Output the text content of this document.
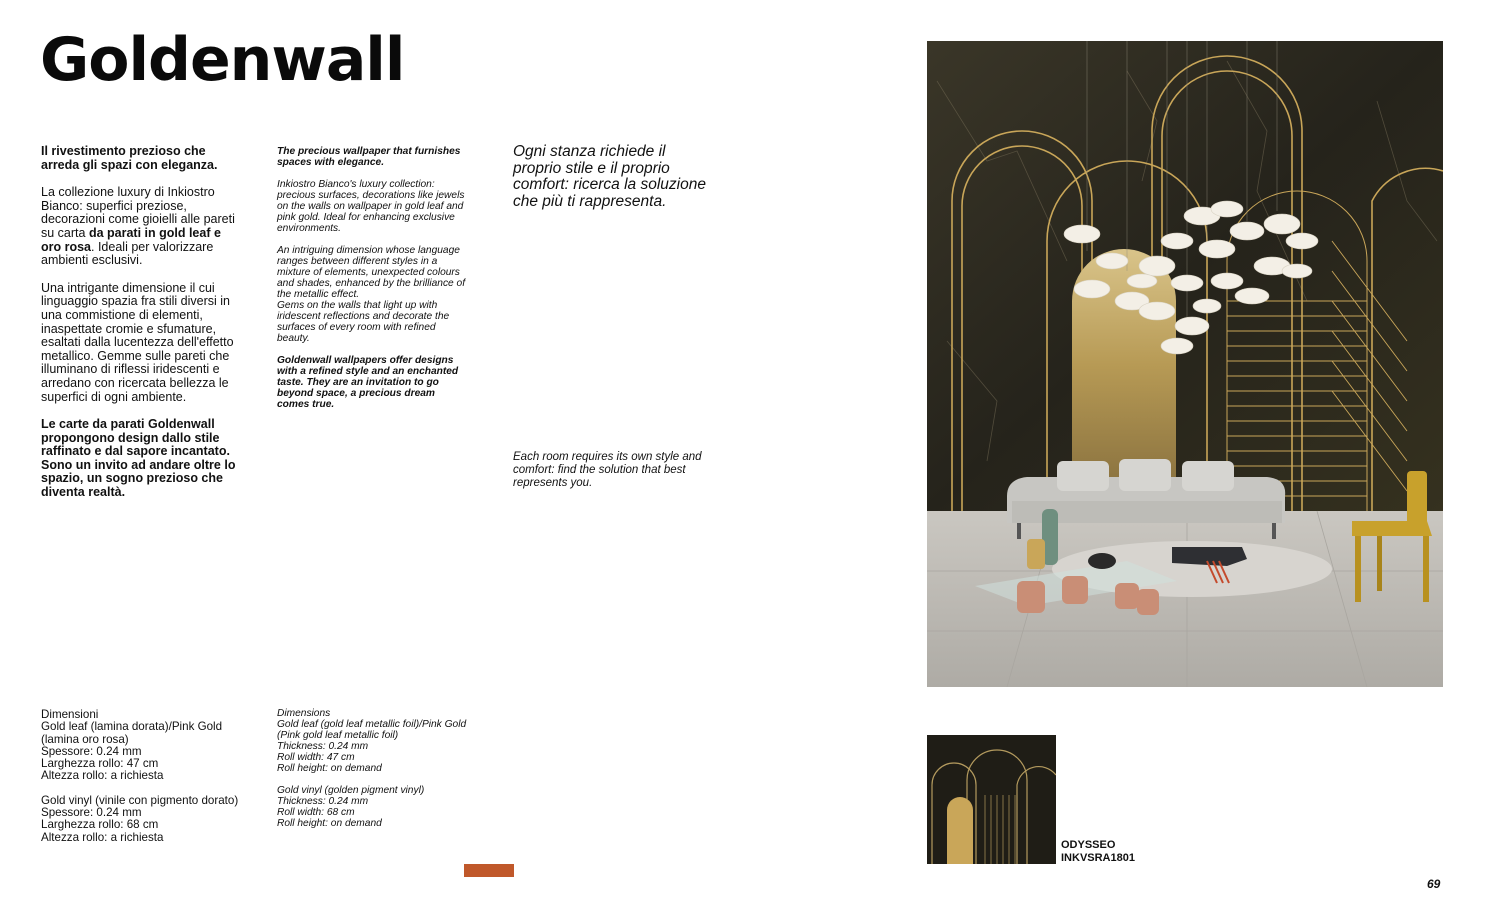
Goldenwall

Il rivestimento prezioso che arreda gli spazi con eleganza.

La collezione luxury di Inkiostro Bianco: superfici preziose, decorazioni come gioielli alle pareti su carta da parati in gold leaf e oro rosa. Ideali per valorizzare ambienti esclusivi.

Una intrigante dimensione il cui linguaggio spazia fra stili diversi in una commistione di elementi, inaspettate cromie e sfumature, esaltati dalla lucentezza dell'effetto metallico. Gemme sulle pareti che illuminano di riflessi iridescenti e arredano con ricercata bellezza le superfici di ogni ambiente.

Le carte da parati Goldenwall propongono design dallo stile raffinato e dal sapore incantato. Sono un invito ad andare oltre lo spazio, un sogno prezioso che diventa realtà.

The precious wallpaper that furnishes spaces with elegance.

Inkiostro Bianco's luxury collection: precious surfaces, decorations like jewels on the walls on wallpaper in gold leaf and pink gold. Ideal for enhancing exclusive environments.

An intriguing dimension whose language ranges between different styles in a mixture of elements, unexpected colours and shades, enhanced by the brilliance of the metallic effect.

Gems on the walls that light up with iridescent reflections and decorate the surfaces of every room with refined beauty.

Goldenwall wallpapers offer designs with a refined style and an enchanted taste. They are an invitation to go beyond space, a precious dream comes true.

Ogni stanza richiede il proprio stile e il proprio comfort: ricerca la soluzione che più ti rappresenta.
Each room requires its own style and comfort: find the solution that best represents you.
Dimensioni
Gold leaf (lamina dorata)/Pink Gold (lamina oro rosa)
Spessore: 0.24 mm
Larghezza rollo: 47 cm
Altezza rollo: a richiesta
Gold vinyl (vinile con pigmento dorato)
Spessore: 0.24 mm
Larghezza rollo: 68 cm
Altezza rollo: a richiesta
Dimensions
Gold leaf (gold leaf metallic foil)/Pink Gold (Pink gold leaf metallic foil)
Thickness: 0.24 mm
Roll width: 47 cm
Roll height: on demand
Gold vinyl (golden pigment vinyl)
Thickness: 0.24 mm
Roll width: 68 cm
Roll height: on demand
ODYSSEO
INKVSRA1801
69
